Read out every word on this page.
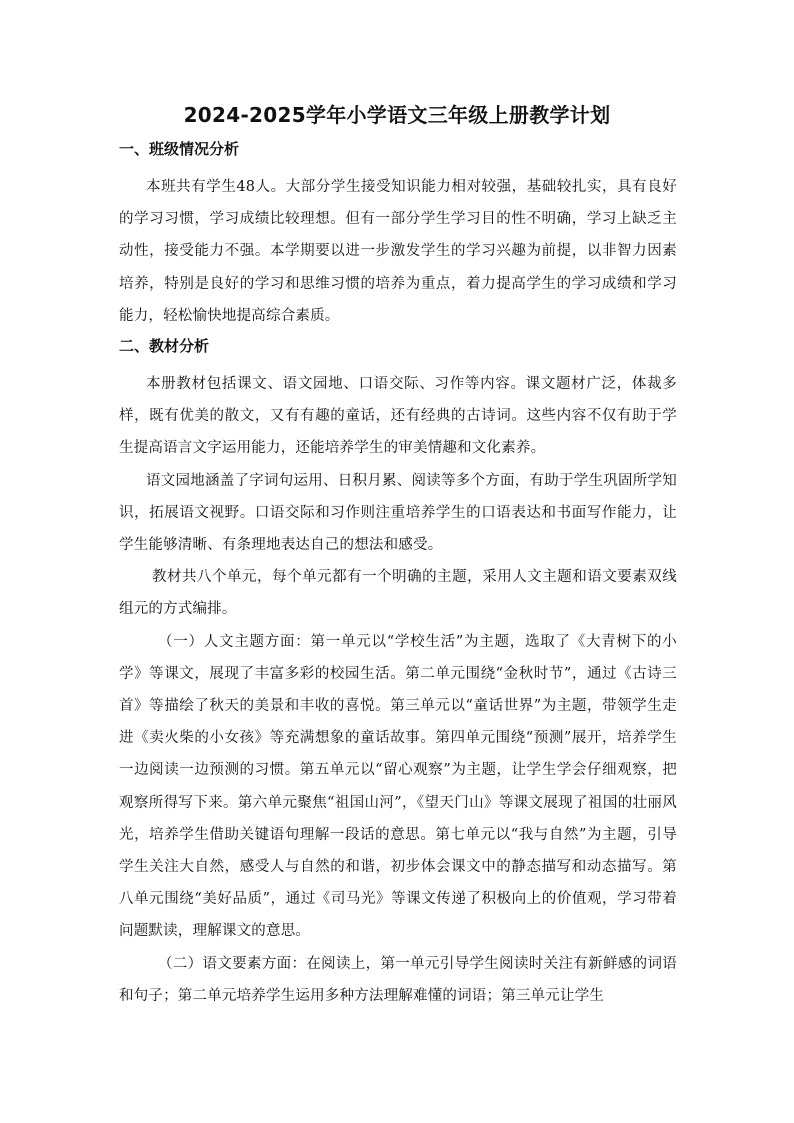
2024-2025学年小学语文三年级上册教学计划
一、班级情况分析

本班共有学生48人。大部分学生接受知识能力相对较强，基础较扎实，具有良好的学习习惯，学习成绩比较理想。但有一部分学生学习目的性不明确，学习上缺乏主动性，接受能力不强。本学期要以进一步激发学生的学习兴趣为前提，以非智力因素培养，特别是良好的学习和思维习惯的培养为重点，着力提高学生的学习成绩和学习能力，轻松愉快地提高综合素质。

二、教材分析

本册教材包括课文、语文园地、口语交际、习作等内容。课文题材广泛，体裁多样，既有优美的散文，又有有趣的童话，还有经典的古诗词。这些内容不仅有助于学生提高语言文字运用能力，还能培养学生的审美情趣和文化素养。

语文园地涵盖了字词句运用、日积月累、阅读等多个方面，有助于学生巩固所学知识，拓展语文视野。口语交际和习作则注重培养学生的口语表达和书面写作能力，让学生能够清晰、有条理地表达自己的想法和感受。

教材共八个单元，每个单元都有一个明确的主题，采用人文主题和语文要素双线组元的方式编排。

（一）人文主题方面：第一单元以“学校生活”为主题，选取了《大青树下的小学》等课文，展现了丰富多彩的校园生活。第二单元围绕“金秋时节”，通过《古诗三首》等描绘了秋天的美景和丰收的喜悦。第三单元以“童话世界”为主题，带领学生走进《卖火柴的小女孩》等充满想象的童话故事。第四单元围绕“预测”展开，培养学生一边阅读一边预测的习惯。第五单元以“留心观察”为主题，让学生学会仔细观察，把观察所得写下来。第六单元聚焦“祖国山河”，《望天门山》等课文展现了祖国的壮丽风光，培养学生借助关键语句理解一段话的意思。第七单元以“我与自然”为主题，引导学生关注大自然，感受人与自然的和谐，初步体会课文中的静态描写和动态描写。第八单元围绕“美好品质”，通过《司马光》等课文传递了积极向上的价值观，学习带着问题默读，理解课文的意思。

（二）语文要素方面：在阅读上，第一单元引导学生阅读时关注有新鲜感的词语和句子；第二单元培养学生运用多种方法理解难懂的词语；第三单元让学生
